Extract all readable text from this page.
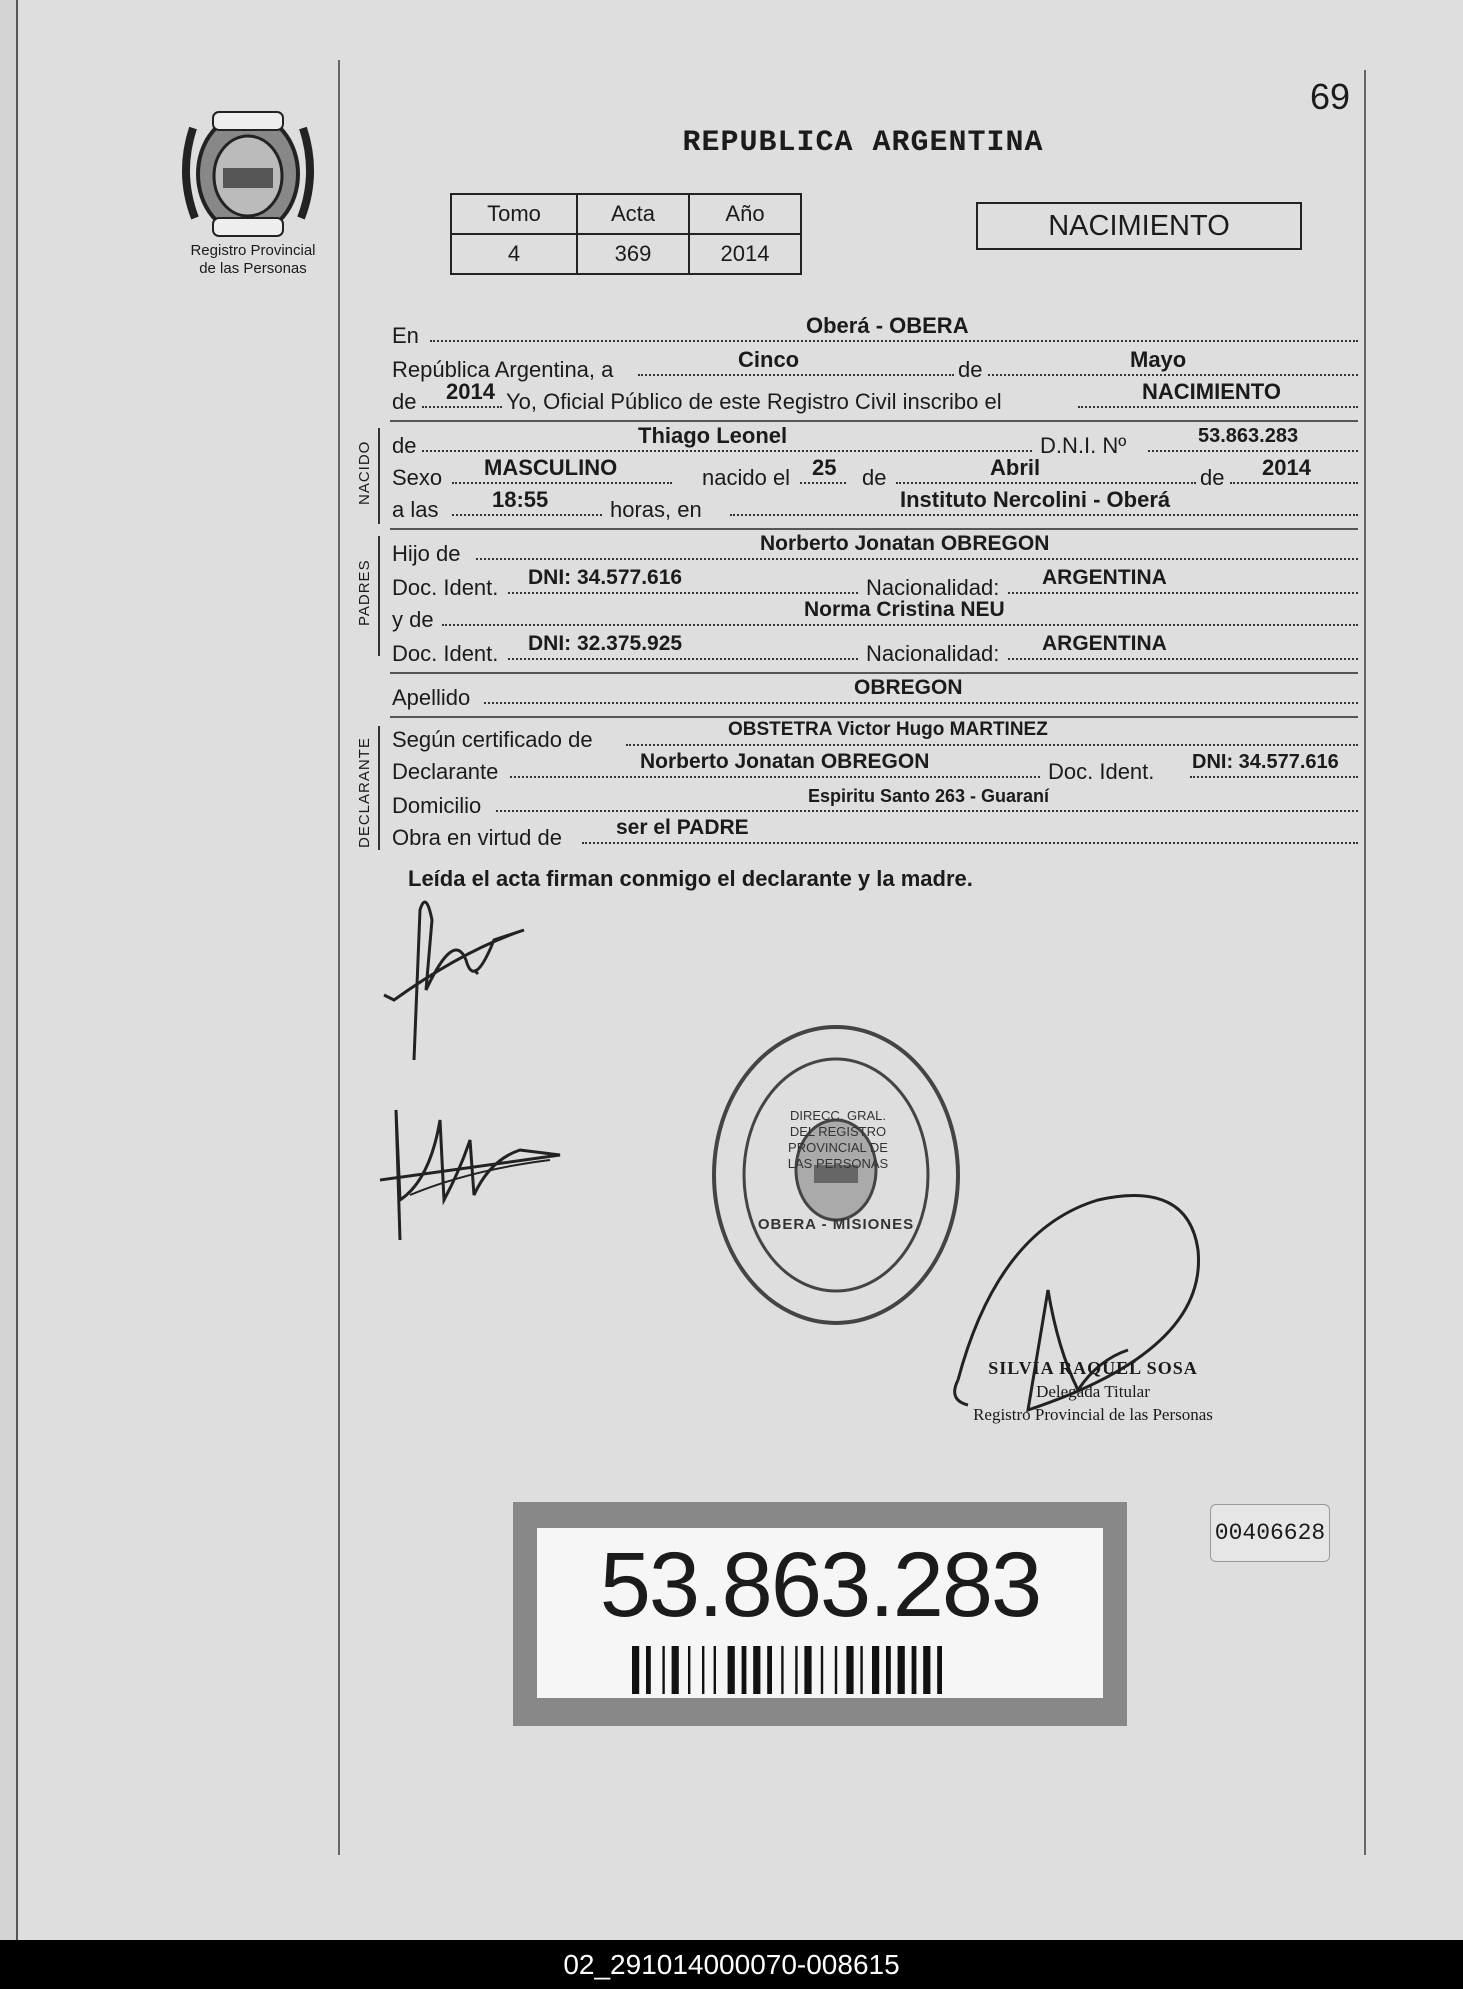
Registro Provincial
de las Personas
69
REPUBLICA ARGENTINA
Tomo	Acta	Año
4	369	2014
NACIMIENTO
En	Oberá - OBERA
República Argentina, a	Cinco	de	Mayo
de 2014 Yo, Oficial Público de este Registro Civil inscribo el	NACIMIENTO
NACIDO de	Thiago Leonel	D.N.I. Nº	53.863.283
Sexo MASCULINO	nacido el 25 de	Abril	de 2014
a las 18:55	horas, en	Instituto Nercolini - Oberá
PADRES
Hijo de	Norberto Jonatan OBREGON
Doc. Ident. DNI: 34.577.616	Nacionalidad: ARGENTINA
y de	Norma Cristina NEU
Doc. Ident. DNI: 32.375.925	Nacionalidad: ARGENTINA
Apellido	OBREGON
DECLARANTE Según certificado de	OBSTETRA Victor Hugo MARTINEZ
Declarante	Norberto Jonatan OBREGON	Doc. Ident. DNI: 34.577.616
Domicilio	Espiritu Santo 263 - Guaraní
Obra en virtud de	ser el PADRE
Leída el acta firman conmigo el declarante y la madre.
DIRECC. GRAL. DEL REGISTRO PROVINCIAL DE LAS PERSONAS
OBERA - MISIONES
SILVIA RAQUEL SOSA
Delegada Titular
Registro Provincial de las Personas
53.863.283
00406628
02_291014000070-008615
